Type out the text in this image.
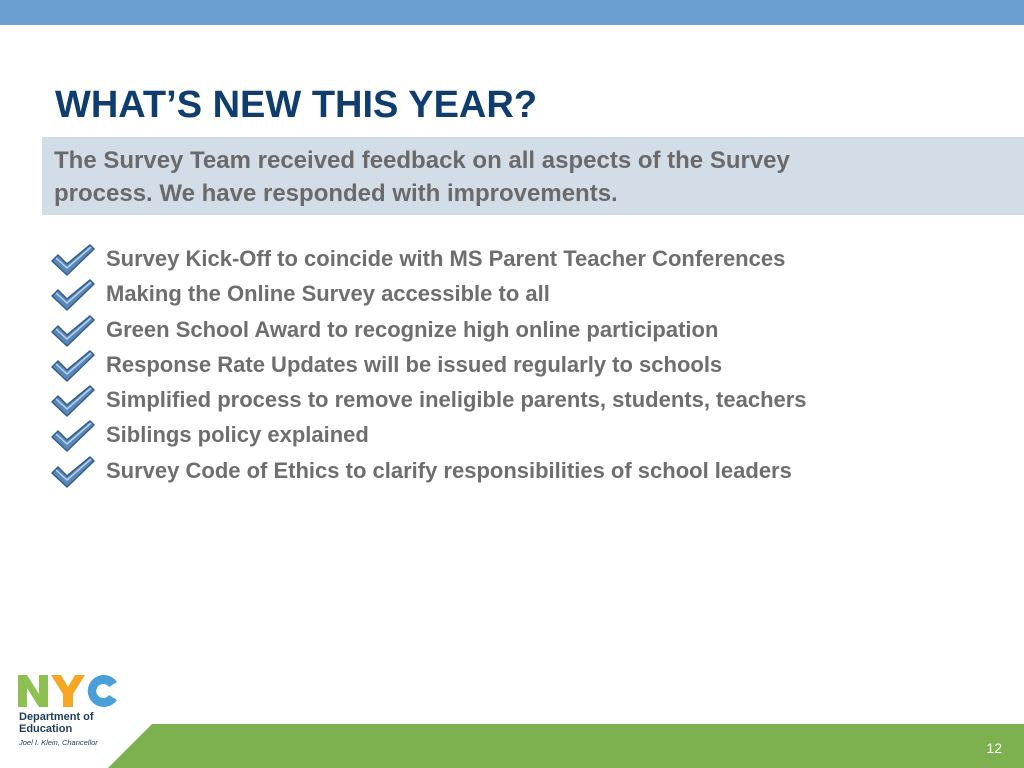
WHAT’S NEW THIS YEAR?

The Survey Team received feedback on all aspects of the Survey

process. We have responded with improvements.

Survey Kick-Off to coincide with MS Parent Teacher Conferences
Making the Online Survey accessible to all
Green School Award to recognize high online participation
Response Rate Updates will be issued regularly to schools
Simplified process to remove ineligible parents, students, teachers
Siblings policy explained
Survey Code of Ethics to clarify responsibilities of school leaders
Department of Education
Joel I. Klein, Chancellor	12
